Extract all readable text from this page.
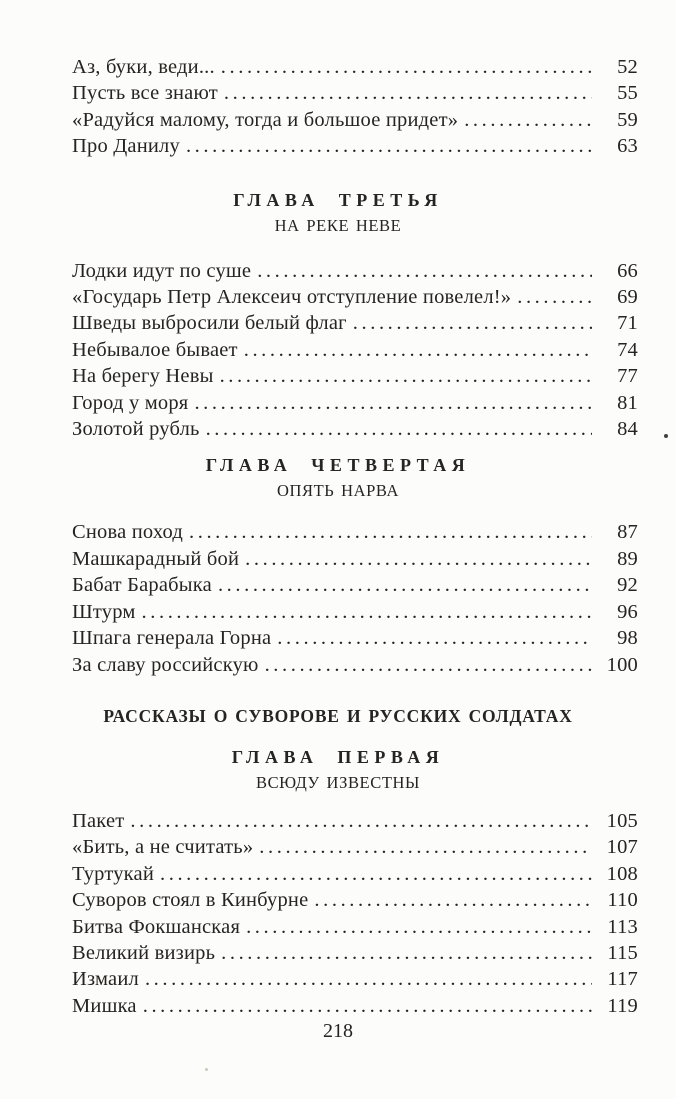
Аз, буки, веди... .....	52
Пусть все знают .....	55
«Радуйся малому, тогда и большое придет» .....	59
Про Данилу .....	63
ГЛАВА ТРЕТЬЯ
НА РЕКЕ НЕВЕ
Лодки идут по суше .....	66
«Государь Петр Алексеич отступление повелел!» .....	69
Шведы выбросили белый флаг .....	71
Небывалое бывает .....	74
На берегу Невы .....	77
Город у моря .....	81
Золотой рубль .....	84
ГЛАВА ЧЕТВЕРТАЯ
ОПЯТЬ НАРВА
Снова поход .....	87
Машкарадный бой .....	89
Бабат Барабыка .....	92
Штурм .....	96
Шпага генерала Горна .....	98
За славу российскую .....	100
РАССКАЗЫ О СУВОРОВЕ И РУССКИХ СОЛДАТАХ
ГЛАВА ПЕРВАЯ
ВСЮДУ ИЗВЕСТНЫ
Пакет .....	105
«Бить, а не считать» .....	107
Туртукай .....	108
Суворов стоял в Кинбурне .....	110
Битва Фокшанская .....	113
Великий визирь .....	115
Измаил .....	117
Мишка .....	119
218
